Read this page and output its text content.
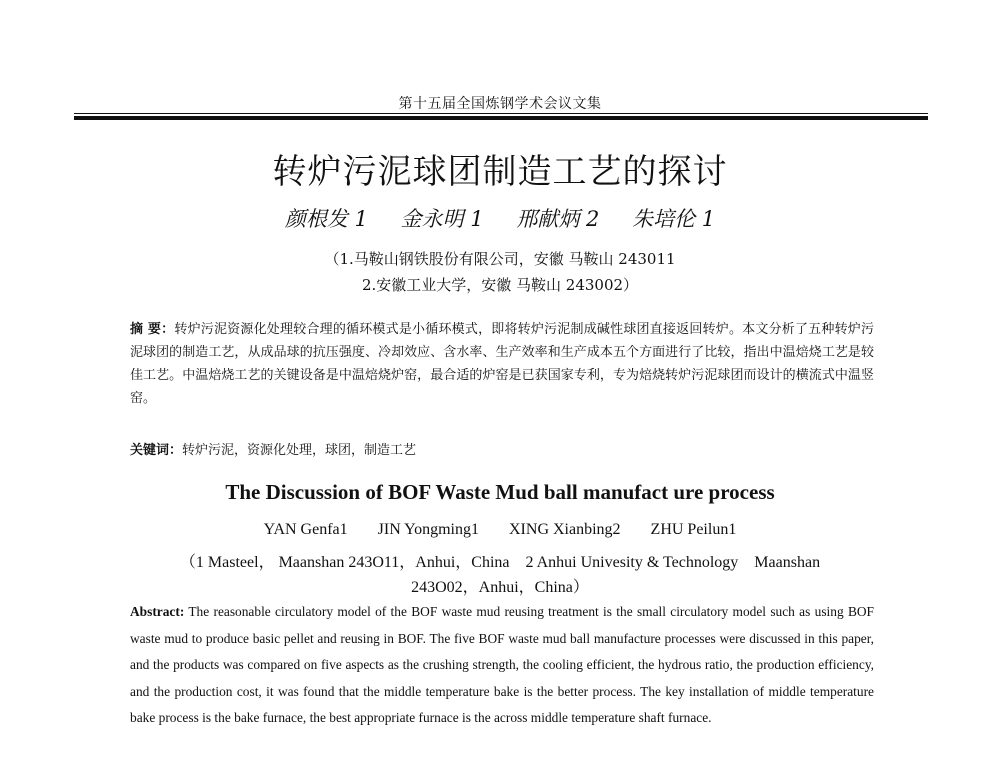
第十五届全国炼钢学术会议文集
转炉污泥球团制造工艺的探讨
颜根发 1 金永明 1 邢献炳 2 朱培伦 1
（1.马鞍山钢铁股份有限公司，安徽 马鞍山 243011
2.安徽工业大学，安徽 马鞍山 243002）
摘 要：转炉污泥资源化处理较合理的循环模式是小循环模式，即将转炉污泥制成碱性球团直接返回转炉。本文分析了五种转炉污泥球团的制造工艺，从成品球的抗压强度、冷却效应、含水率、生产效率和生产成本五个方面进行了比较，指出中温焙烧工艺是较佳工艺。中温焙烧工艺的关键设备是中温焙烧炉窑，最合适的炉窑是已获国家专利，专为焙烧转炉污泥球团而设计的横流式中温竖窑。
关键词：转炉污泥，资源化处理，球团，制造工艺
The Discussion of BOF Waste Mud ball manufact ure process
YAN Genfa1 JIN Yongming1 XING Xianbing2 ZHU Peilun1
（1 Masteel， Maanshan 243O11，Anhui，China　2 Anhui Univesity & Technology　Maanshan
243O02，Anhui，China）
Abstract: The reasonable circulatory model of the BOF waste mud reusing treatment is the small circulatory model such as using BOF waste mud to produce basic pellet and reusing in BOF. The five BOF waste mud ball manufacture processes were discussed in this paper, and the products was compared on five aspects as the crushing strength, the cooling efficient, the hydrous ratio, the production efficiency, and the production cost, it was found that the middle temperature bake is the better process. The key installation of middle temperature bake process is the bake furnace, the best appropriate furnace is the across middle temperature shaft furnace.
